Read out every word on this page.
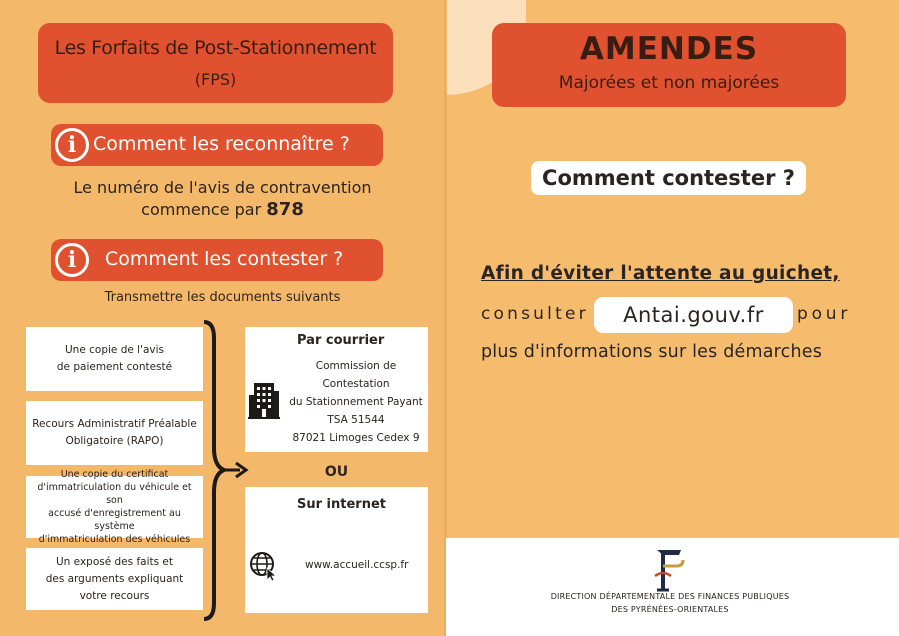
Les Forfaits de Post-Stationnement
(FPS)
i Comment les reconnaître ?
Le numéro de l'avis de contravention
commence par 878
i	Comment les contester ?
Transmettre les documents suivants
Une copie de l'avis
de paiement contesté
Recours Administratif Préalable
Obligatoire (RAPO)
Une copie du certificat
d'immatriculation du véhicule et son
accusé d'enregistrement au système
d'immatriculation des véhicules
Un exposé des faits et
des arguments expliquant
votre recours
Par courrier
Commission de
Contestation
du Stationnement Payant
TSA 51544
87021 Limoges Cedex 9
OU
Sur internet
www.accueil.ccsp.fr
AMENDES
Majorées et non majorées
Comment contester ?
Afin d'éviter l'attente au guichet,
consulter	Antai.gouv.fr	pour
plus d'informations sur les démarches
DIRECTION DÉPARTEMENTALE DES FINANCES PUBLIQUES
DES PYRÉNÉES-ORIENTALES
